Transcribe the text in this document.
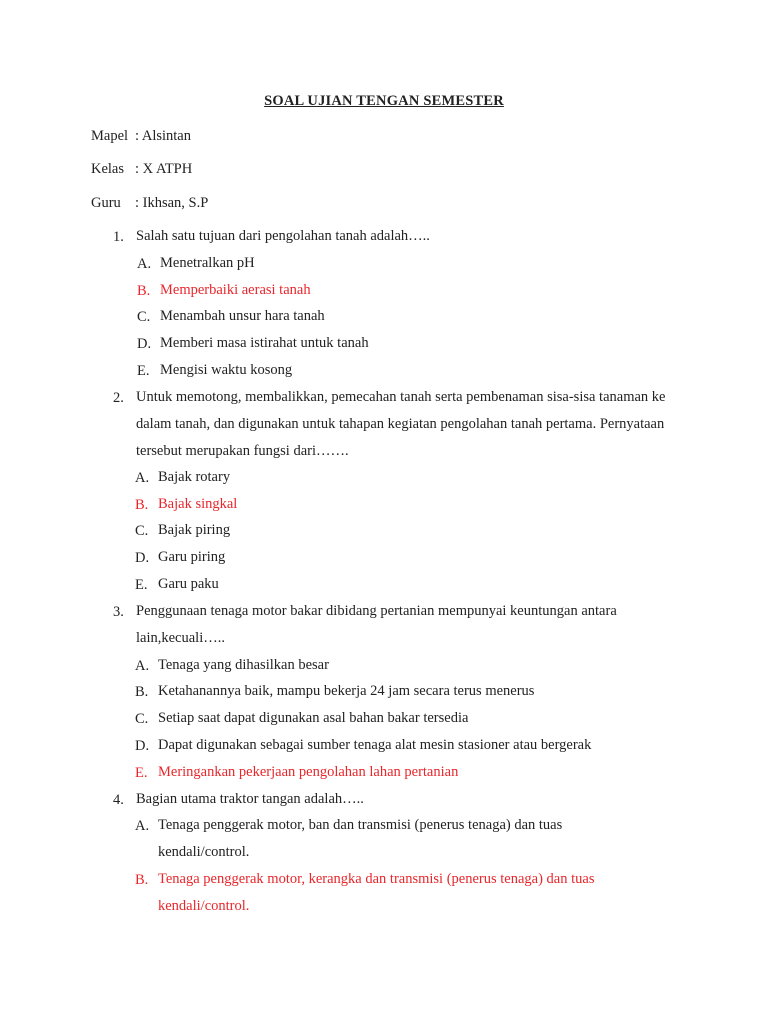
SOAL UJIAN TENGAN SEMESTER
Mapel : Alsintan
Kelas : X ATPH
Guru : Ikhsan, S.P
1. Salah satu tujuan dari pengolahan tanah adalah…..
A. Menetralkan pH
B. Memperbaiki aerasi tanah
C. Menambah unsur hara tanah
D. Memberi masa istirahat untuk tanah
E. Mengisi waktu kosong
2. Untuk memotong, membalikkan, pemecahan tanah serta pembenaman sisa-sisa tanaman ke dalam tanah, dan digunakan untuk tahapan kegiatan pengolahan tanah pertama. Pernyataan tersebut merupakan fungsi dari…….
A. Bajak rotary
B. Bajak singkal
C. Bajak piring
D. Garu piring
E. Garu paku
3. Penggunaan tenaga motor bakar dibidang pertanian mempunyai keuntungan antara lain,kecuali…..
A. Tenaga yang dihasilkan besar
B. Ketahanannya baik, mampu bekerja 24 jam secara terus menerus
C. Setiap saat dapat digunakan asal bahan bakar tersedia
D. Dapat digunakan sebagai sumber tenaga alat mesin stasioner atau bergerak
E. Meringankan pekerjaan pengolahan lahan pertanian
4. Bagian utama traktor tangan adalah…..
A. Tenaga penggerak motor, ban dan transmisi (penerus tenaga) dan tuas kendali/control.
B. Tenaga penggerak motor, kerangka dan transmisi (penerus tenaga) dan tuas kendali/control.
